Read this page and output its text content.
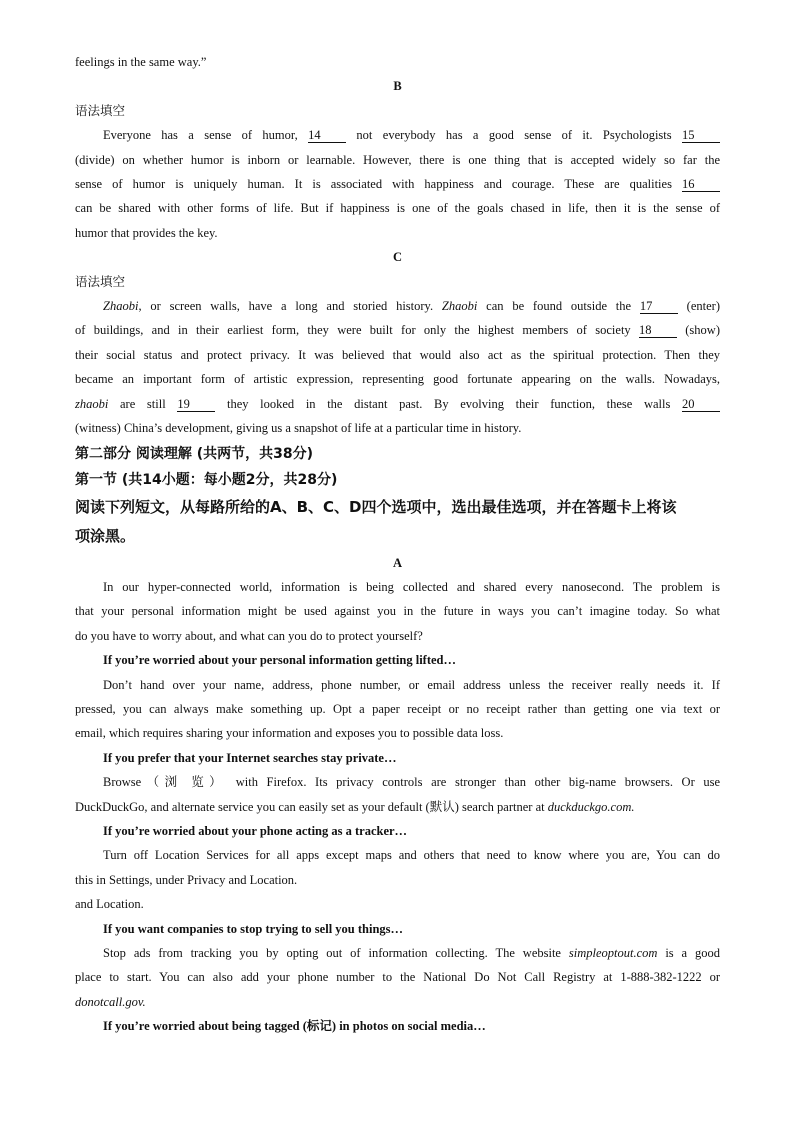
feelings in the same way.”
B
语法填空
Everyone has a sense of humor, 14 not everybody has a good sense of it. Psychologists 15
(divide) on whether humor is inborn or learnable. However, there is one thing that is accepted widely so far the
sense of humor is uniquely human. It is associated with happiness and courage. These are qualities 16
can be shared with other forms of life. But if happiness is one of the goals chased in life, then it is the sense of
humor that provides the key.
C
语法填空
Zhaobi, or screen walls, have a long and storied history. Zhaobi can be found outside the 17 (enter)
of buildings, and in their earliest form, they were built for only the highest members of society 18 (show)
their social status and protect privacy. It was believed that would also act as the spiritual protection. Then they
became an important form of artistic expression, representing good fortunate appearing on the walls. Nowadays,
zhaobi are still 19 they looked in the distant past. By evolving their function, these walls 20
(witness) China’s development, giving us a snapshot of life at a particular time in history.
第二部分 阅读理解 (共两节，共38分)
第一节 (共14小题：每小题2分，共28分)
阅读下列短文，从每路所给的A、B、C、D四个选项中，选出最佳选项，并在答题卡上将该
项涂黑。
A
In our hyper-connected world, information is being collected and shared every nanosecond. The problem is
that your personal information might be used against you in the future in ways you can’t imagine today. So what
do you have to worry about, and what can you do to protect yourself?
If you’re worried about your personal information getting lifted…
Don’t hand over your name, address, phone number, or email address unless the receiver really needs it. If
pressed, you can always make something up. Opt a paper receipt or no receipt rather than getting one via text or
email, which requires sharing your information and exposes you to possible data loss.
If you prefer that your Internet searches stay private…
Browse（浏 览） with Firefox. Its privacy controls are stronger than other big-name browsers. Or use
DuckDuckGo, and alternate service you can easily set as your default (默认) search partner at duckduckgo.com.
If you’re worried about your phone acting as a tracker…
Turn off Location Services for all apps except maps and others that need to know where you are, You can do
this in Settings, under Privacy and Location.
and Location.
If you want companies to stop trying to sell you things…
Stop ads from tracking you by opting out of information collecting. The website simpleoptout.com is a good
place to start. You can also add your phone number to the National Do Not Call Registry at 1-888-382-1222 or
donotcall.gov.
If you’re worried about being tagged (标记) in photos on social media…
